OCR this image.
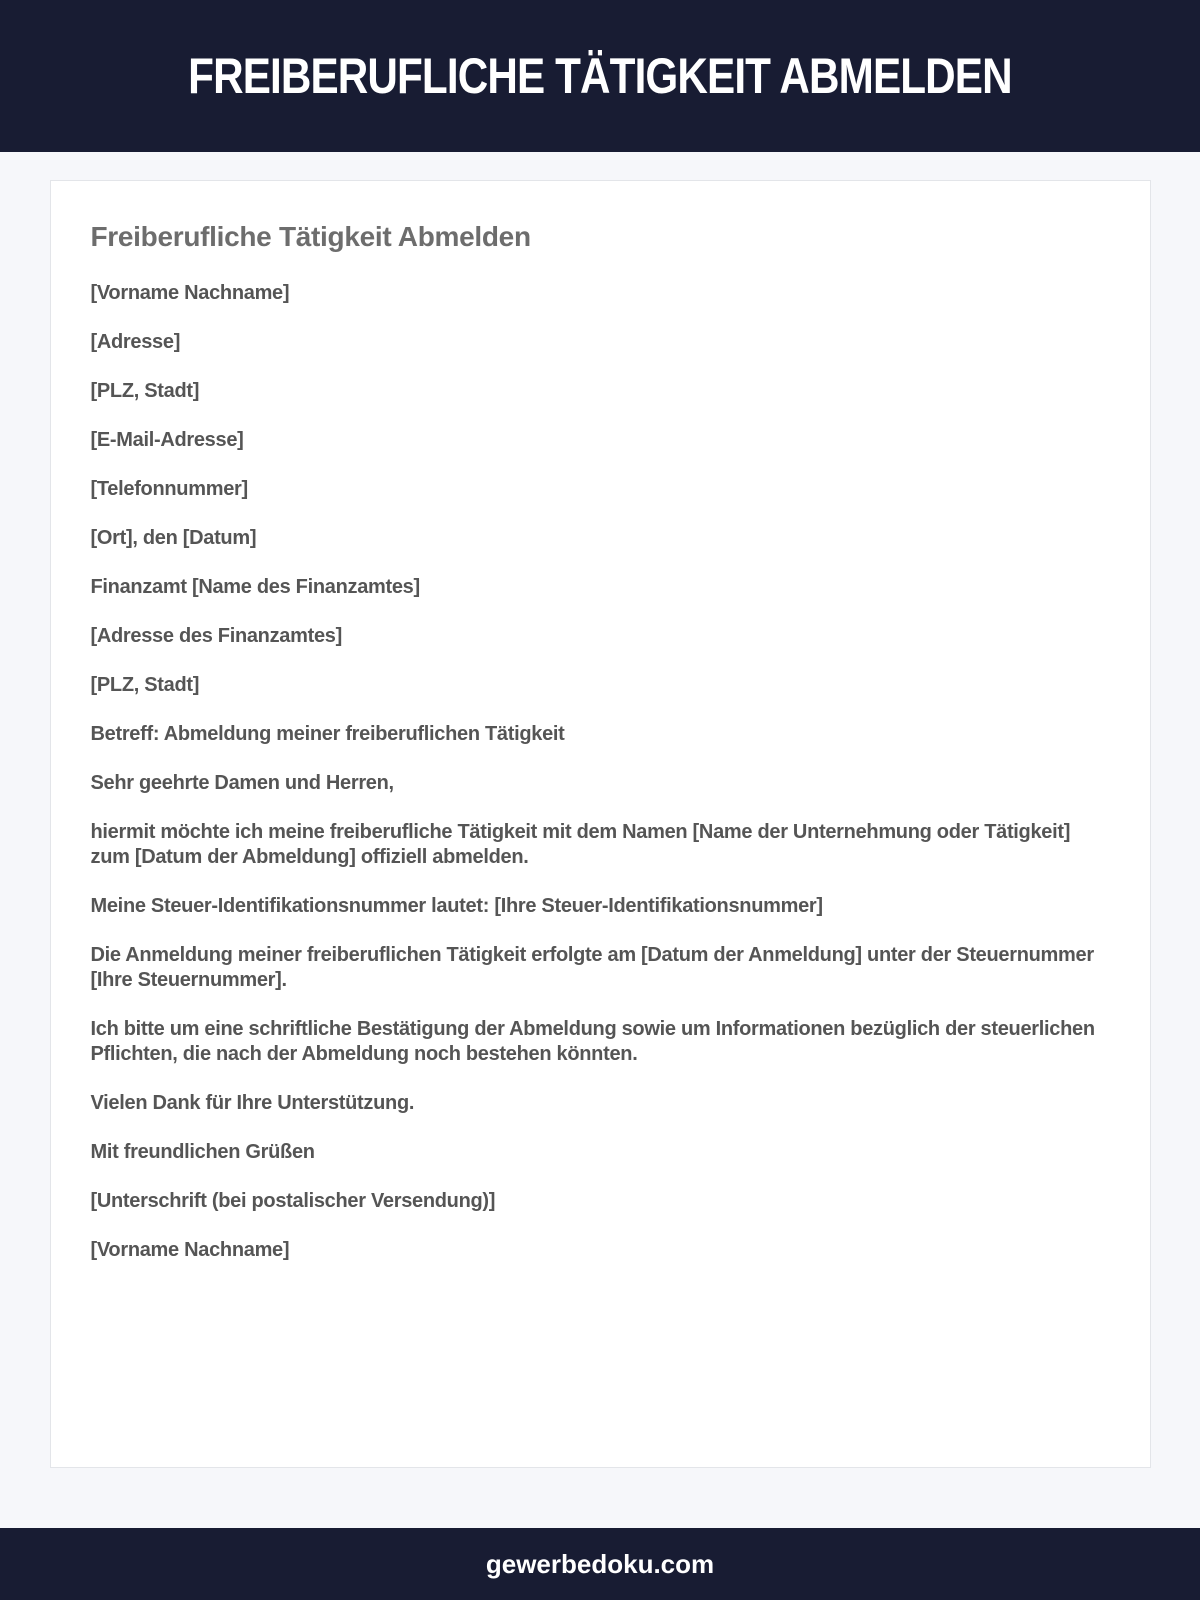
FREIBERUFLICHE TÄTIGKEIT ABMELDEN
Freiberufliche Tätigkeit Abmelden

[Vorname Nachname]

[Adresse]

[PLZ, Stadt]

[E-Mail-Adresse]

[Telefonnummer]

[Ort], den [Datum]

Finanzamt [Name des Finanzamtes]

[Adresse des Finanzamtes]

[PLZ, Stadt]

Betreff: Abmeldung meiner freiberuflichen Tätigkeit

Sehr geehrte Damen und Herren,

hiermit möchte ich meine freiberufliche Tätigkeit mit dem Namen [Name der Unternehmung oder Tätigkeit] zum [Datum der Abmeldung] offiziell abmelden.

Meine Steuer-Identifikationsnummer lautet: [Ihre Steuer-Identifikationsnummer]

Die Anmeldung meiner freiberuflichen Tätigkeit erfolgte am [Datum der Anmeldung] unter der Steuernummer [Ihre Steuernummer].

Ich bitte um eine schriftliche Bestätigung der Abmeldung sowie um Informationen bezüglich der steuerlichen Pflichten, die nach der Abmeldung noch bestehen könnten.

Vielen Dank für Ihre Unterstützung.

Mit freundlichen Grüßen

[Unterschrift (bei postalischer Versendung)]

[Vorname Nachname]

gewerbedoku.com
